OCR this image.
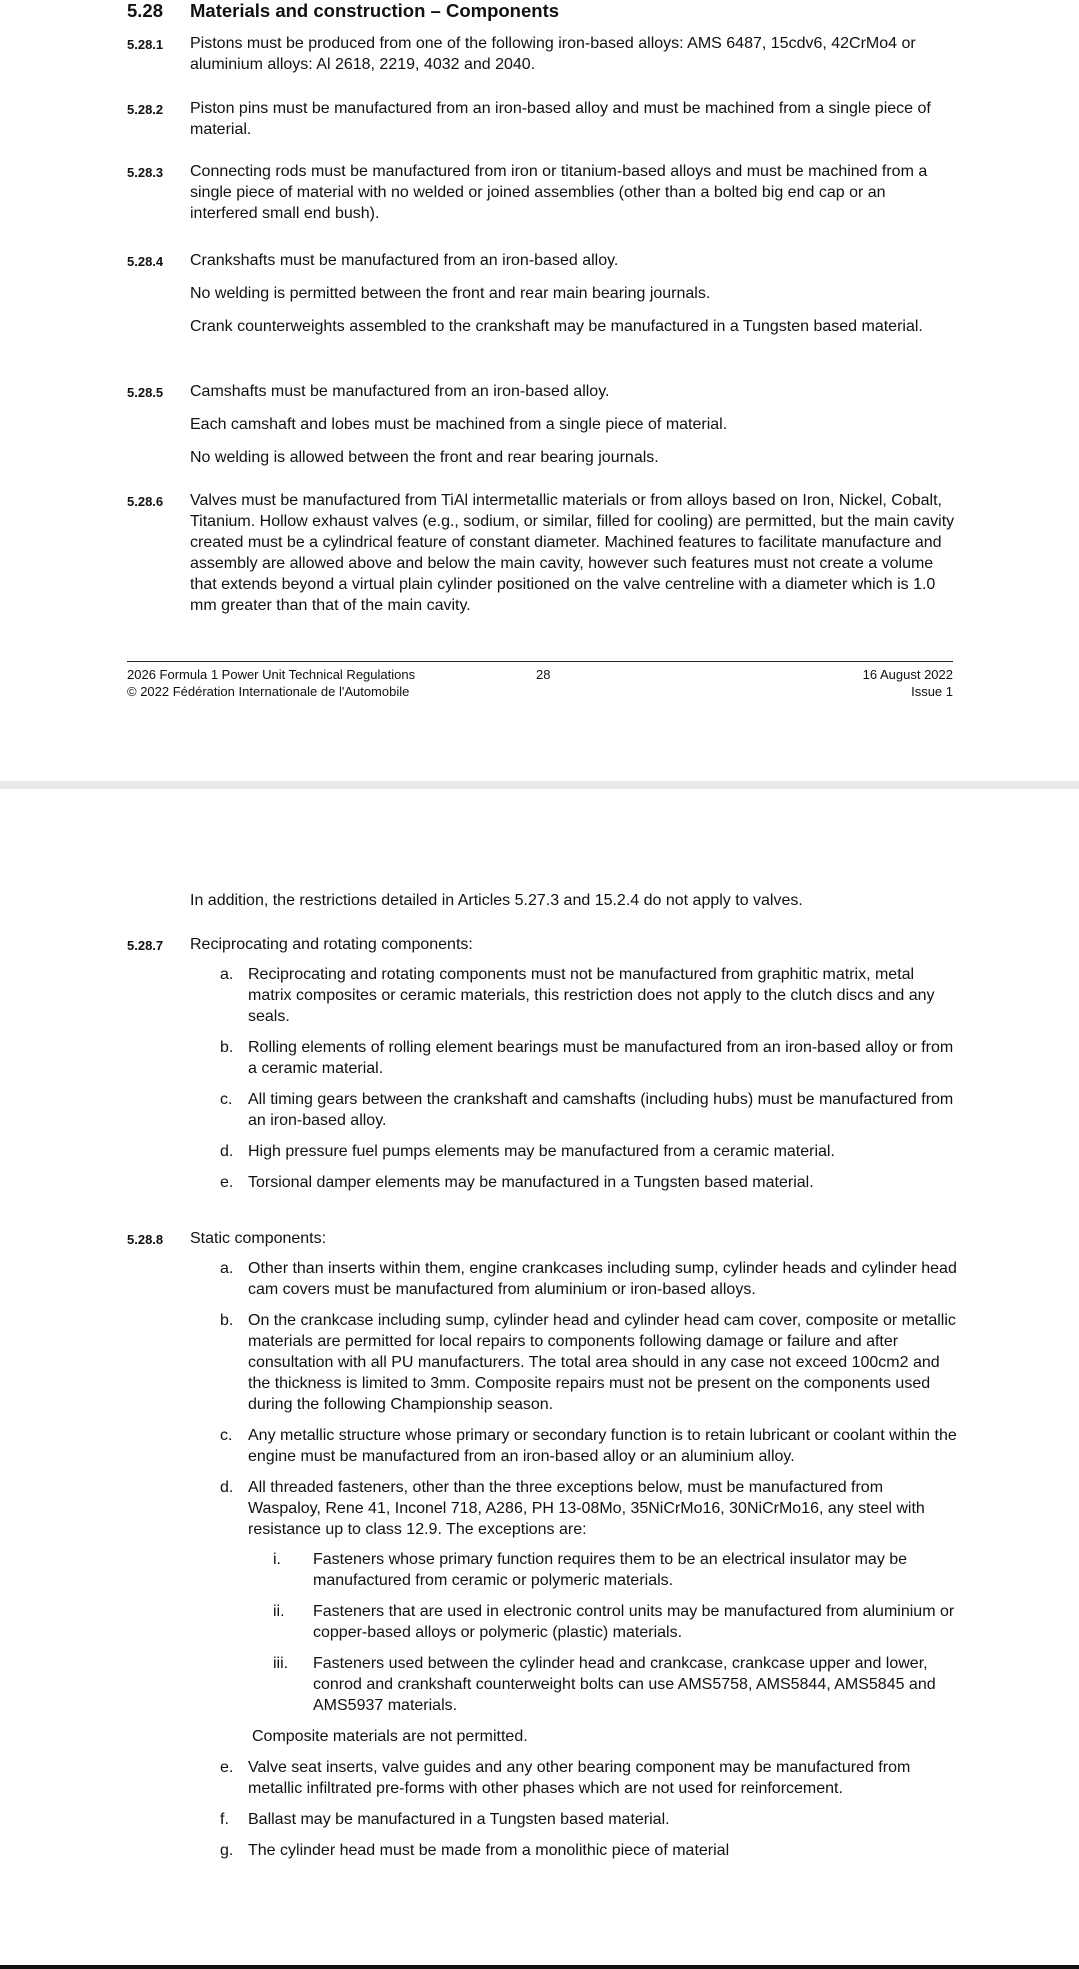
5.28 Materials and construction – Components
5.28.1 Pistons must be produced from one of the following iron-based alloys: AMS 6487, 15cdv6, 42CrMo4 or aluminium alloys: Al 2618, 2219, 4032 and 2040.

5.28.2 Piston pins must be manufactured from an iron-based alloy and must be machined from a single piece of material.

5.28.3 Connecting rods must be manufactured from iron or titanium-based alloys and must be machined from a single piece of material with no welded or joined assemblies (other than a bolted big end cap or an interfered small end bush).

5.28.4 Crankshafts must be manufactured from an iron-based alloy.

No welding is permitted between the front and rear main bearing journals.

Crank counterweights assembled to the crankshaft may be manufactured in a Tungsten based material.

5.28.5 Camshafts must be manufactured from an iron-based alloy.

Each camshaft and lobes must be machined from a single piece of material.

No welding is allowed between the front and rear bearing journals.

5.28.6 Valves must be manufactured from TiAl intermetallic materials or from alloys based on Iron, Nickel, Cobalt, Titanium. Hollow exhaust valves (e.g., sodium, or similar, filled for cooling) are permitted, but the main cavity created must be a cylindrical feature of constant diameter. Machined features to facilitate manufacture and assembly are allowed above and below the main cavity, however such features must not create a volume that extends beyond a virtual plain cylinder positioned on the valve centreline with a diameter which is 1.0 mm greater than that of the main cavity.

2026 Formula 1 Power Unit Technical Regulations
© 2022 Fédération Internationale de l'Automobile
28	16 August 2022
Issue 1
In addition, the restrictions detailed in Articles 5.27.3 and 15.2.4 do not apply to valves.
5.28.7 Reciprocating and rotating components:
a. Reciprocating and rotating components must not be manufactured from graphitic matrix, metal matrix composites or ceramic materials, this restriction does not apply to the clutch discs and any seals.
b. Rolling elements of rolling element bearings must be manufactured from an iron-based alloy or from a ceramic material.
c. All timing gears between the crankshaft and camshafts (including hubs) must be manufactured from an iron-based alloy.
d. High pressure fuel pumps elements may be manufactured from a ceramic material.
e. Torsional damper elements may be manufactured in a Tungsten based material.
5.28.8 Static components:
a. Other than inserts within them, engine crankcases including sump, cylinder heads and cylinder head cam covers must be manufactured from aluminium or iron-based alloys.
b. On the crankcase including sump, cylinder head and cylinder head cam cover, composite or metallic materials are permitted for local repairs to components following damage or failure and after consultation with all PU manufacturers. The total area should in any case not exceed 100cm2 and the thickness is limited to 3mm. Composite repairs must not be present on the components used during the following Championship season.
c. Any metallic structure whose primary or secondary function is to retain lubricant or coolant within the engine must be manufactured from an iron-based alloy or an aluminium alloy.
d. All threaded fasteners, other than the three exceptions below, must be manufactured from Waspaloy, Rene 41, Inconel 718, A286, PH 13-08Mo, 35NiCrMo16, 30NiCrMo16, any steel with resistance up to class 12.9. The exceptions are:
i. Fasteners whose primary function requires them to be an electrical insulator may be manufactured from ceramic or polymeric materials.
ii. Fasteners that are used in electronic control units may be manufactured from aluminium or copper-based alloys or polymeric (plastic) materials.
iii. Fasteners used between the cylinder head and crankcase, crankcase upper and lower, conrod and crankshaft counterweight bolts can use AMS5758, AMS5844, AMS5845 and AMS5937 materials.
Composite materials are not permitted.
e. Valve seat inserts, valve guides and any other bearing component may be manufactured from metallic infiltrated pre-forms with other phases which are not used for reinforcement.
f. Ballast may be manufactured in a Tungsten based material.
g. The cylinder head must be made from a monolithic piece of material
